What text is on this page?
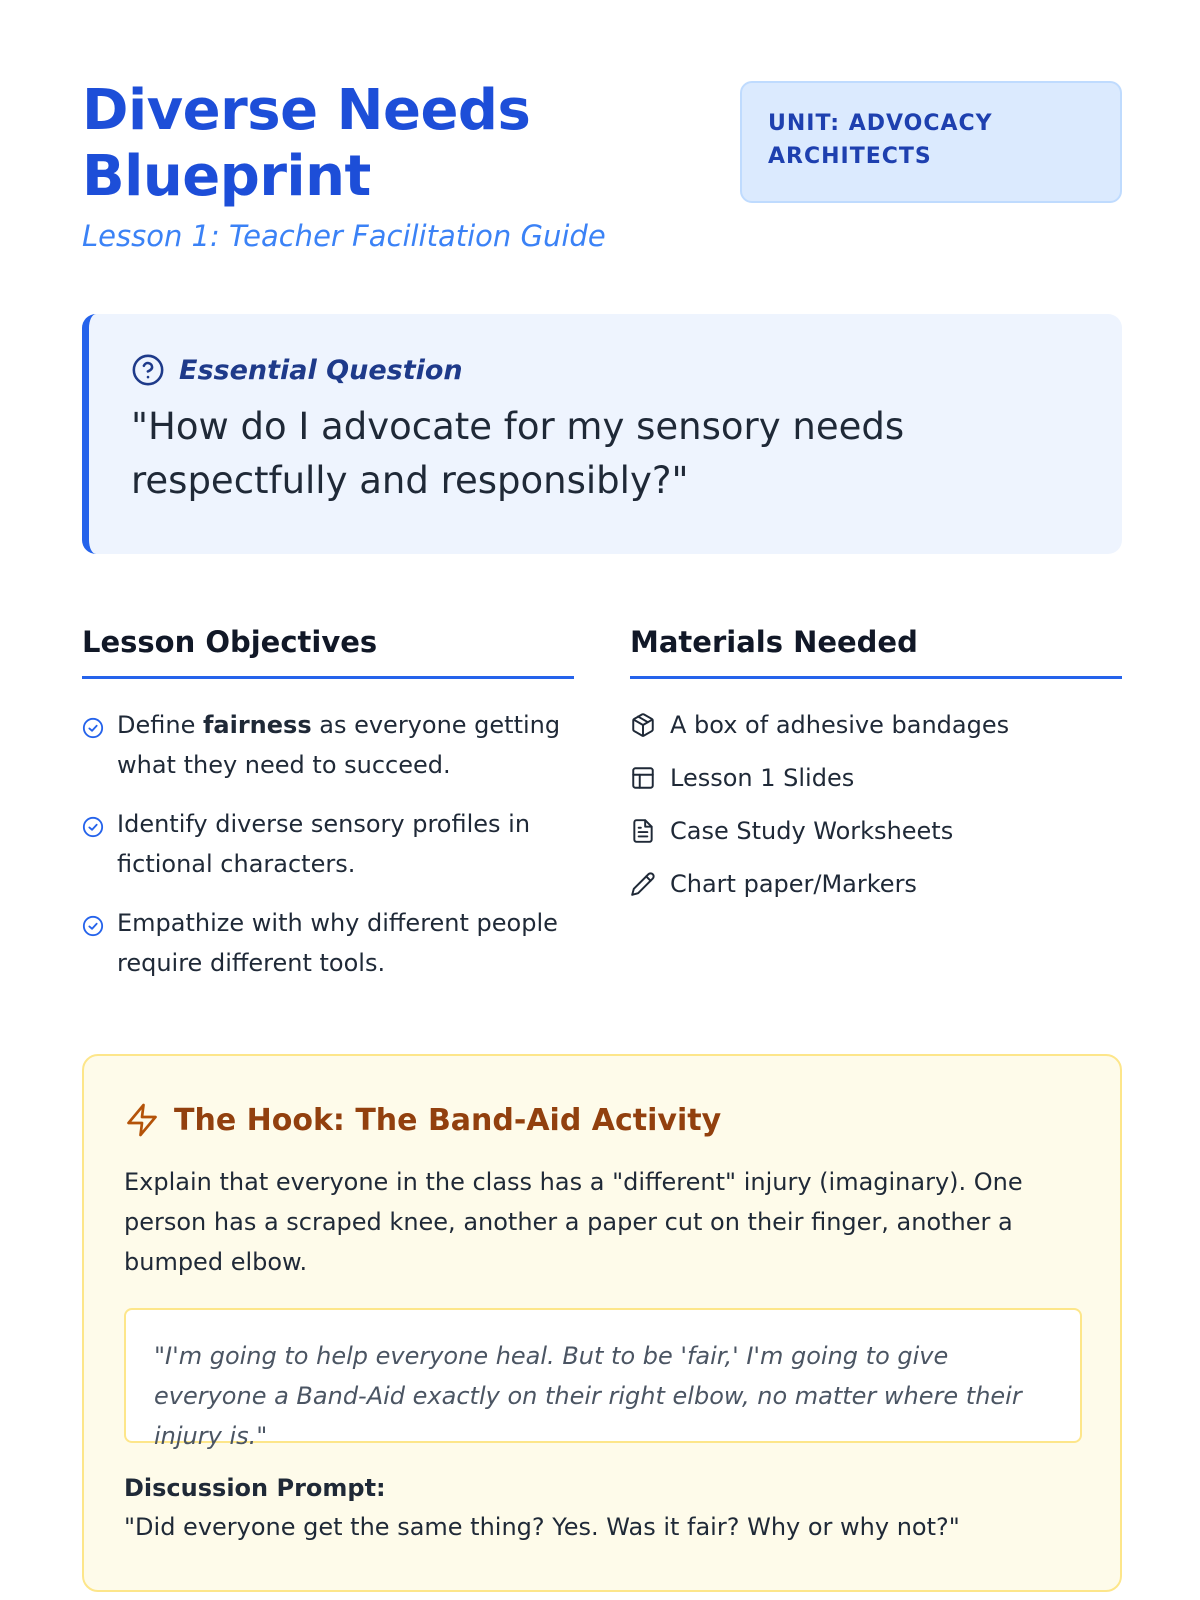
Diverse Needs Blueprint
Lesson 1: Teacher Facilitation Guide
UNIT: ADVOCACY ARCHITECTS
Essential Question
"How do I advocate for my sensory needs respectfully and responsibly?"
Lesson Objectives
Define fairness as everyone getting what they need to succeed.
Identify diverse sensory profiles in fictional characters.
Empathize with why different people require different tools.
Materials Needed
A box of adhesive bandages
Lesson 1 Slides
Case Study Worksheets
Chart paper/Markers
The Hook: The Band-Aid Activity

Explain that everyone in the class has a "different" injury (imaginary). One person has a scraped knee, another a paper cut on their finger, another a bumped elbow.

"I'm going to help everyone heal. But to be 'fair,' I'm going to give everyone a Band-Aid exactly on their right elbow, no matter where their injury is."
Discussion Prompt:
"Did everyone get the same thing? Yes. Was it fair? Why or why not?"
